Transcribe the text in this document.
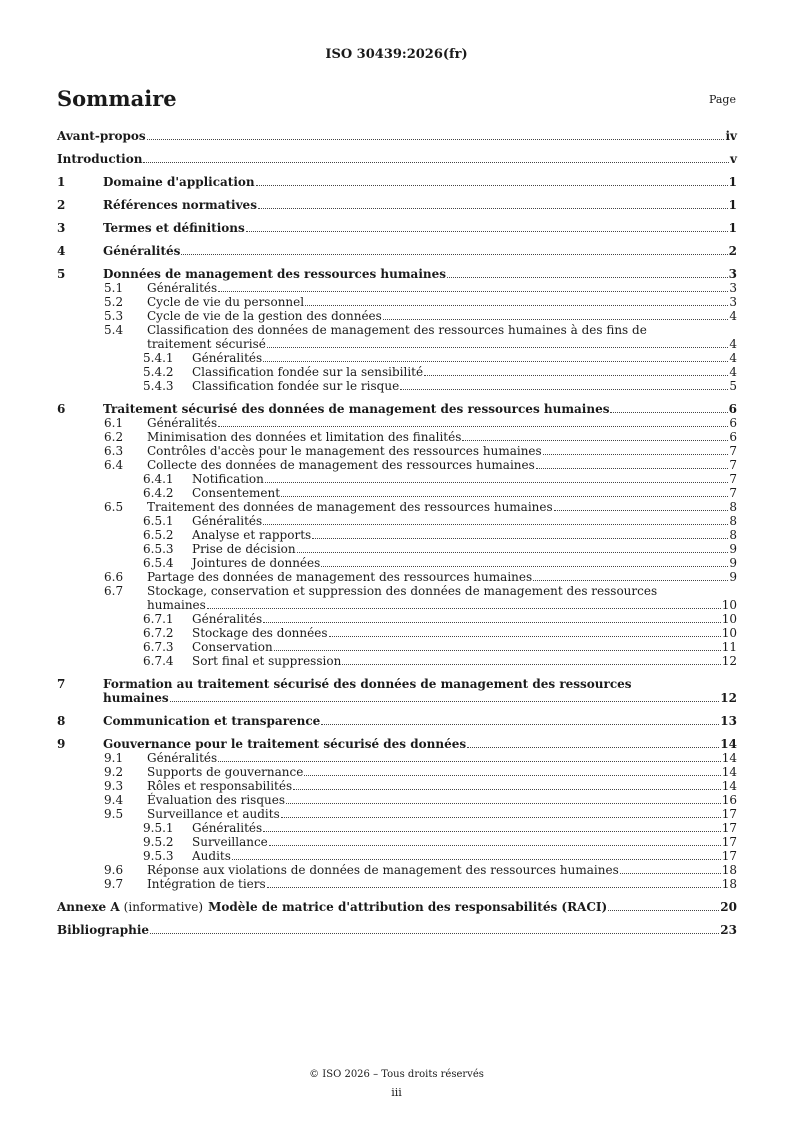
ISO 30439:2026(fr)
Sommaire	Page
Avant-propos	iv
Introduction	v
1	Domaine d'application	1
2	Références normatives	1
3	Termes et définitions	1
4	Généralités	2
5	Données de management des ressources humaines	3
5.1	Généralités	3
5.2	Cycle de vie du personnel	3
5.3	Cycle de vie de la gestion des données	4
5.4	Classification des données de management des ressources humaines à des fins de
traitement sécurisé	4
5.4.1	Généralités	4
5.4.2	Classification fondée sur la sensibilité	4
5.4.3	Classification fondée sur le risque	5
6	Traitement sécurisé des données de management des ressources humaines	6
6.1	Généralités	6
6.2	Minimisation des données et limitation des finalités	6
6.3	Contrôles d'accès pour le management des ressources humaines	7
6.4	Collecte des données de management des ressources humaines	7
6.4.1	Notification	7
6.4.2	Consentement	7
6.5	Traitement des données de management des ressources humaines	8
6.5.1	Généralités	8
6.5.2	Analyse et rapports	8
6.5.3	Prise de décision	9
6.5.4	Jointures de données	9
6.6	Partage des données de management des ressources humaines	9
6.7	Stockage, conservation et suppression des données de management des ressources
humaines	10
6.7.1	Généralités	10
6.7.2	Stockage des données	10
6.7.3	Conservation	11
6.7.4	Sort final et suppression	12
7	Formation au traitement sécurisé des données de management des ressources
humaines	12
8	Communication et transparence	13
9	Gouvernance pour le traitement sécurisé des données	14
9.1	Généralités	14
9.2	Supports de gouvernance	14
9.3	Rôles et responsabilités	14
9.4	Évaluation des risques	16
9.5	Surveillance et audits	17
9.5.1	Généralités	17
9.5.2	Surveillance	17
9.5.3	Audits	17
9.6	Réponse aux violations de données de management des ressources humaines	18
9.7	Intégration de tiers	18
Annexe A (informative) Modèle de matrice d'attribution des responsabilités (RACI)	20
Bibliographie	23
© ISO 2026 – Tous droits réservés
iii
